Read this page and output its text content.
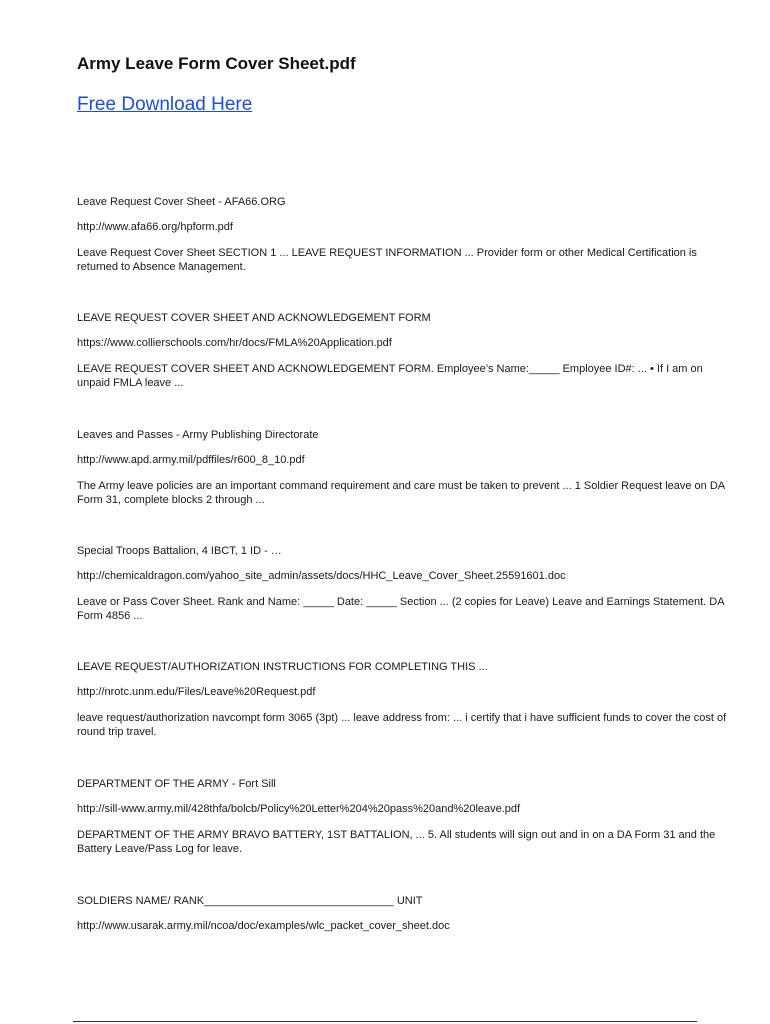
Army Leave Form Cover Sheet.pdf
Free Download Here

Leave Request Cover Sheet - AFA66.ORG

http://www.afa66.org/hpform.pdf

Leave Request Cover Sheet SECTION 1 ... LEAVE REQUEST INFORMATION ... Provider form or other Medical Certification is returned to Absence Management.

LEAVE REQUEST COVER SHEET AND ACKNOWLEDGEMENT FORM

https://www.collierschools.com/hr/docs/FMLA%20Application.pdf

LEAVE REQUEST COVER SHEET AND ACKNOWLEDGEMENT FORM. Employee’s Name:_____ Employee ID#: ... • If I am on unpaid FMLA leave ...

Leaves and Passes - Army Publishing Directorate

http://www.apd.army.mil/pdffiles/r600_8_10.pdf

The Army leave policies are an important command requirement and care must be taken to prevent ... 1 Soldier Request leave on DA Form 31, complete blocks 2 through ...

Special Troops Battalion, 4 IBCT, 1 ID - …

http://chemicaldragon.com/yahoo_site_admin/assets/docs/HHC_Leave_Cover_Sheet.25591601.doc

Leave or Pass Cover Sheet. Rank and Name: _____ Date: _____ Section ... (2 copies for Leave) Leave and Earnings Statement. DA Form 4856 ...

LEAVE REQUEST/AUTHORIZATION INSTRUCTIONS FOR COMPLETING THIS ...

http://nrotc.unm.edu/Files/Leave%20Request.pdf

leave request/authorization navcompt form 3065 (3pt) ... leave address from: ... i certify that i have sufficient funds to cover the cost of round trip travel.

DEPARTMENT OF THE ARMY - Fort Sill

http://sill-www.army.mil/428thfa/bolcb/Policy%20Letter%204%20pass%20and%20leave.pdf

DEPARTMENT OF THE ARMY BRAVO BATTERY, 1ST BATTALION, ... 5. All students will sign out and in on a DA Form 31 and the Battery Leave/Pass Log for leave.

SOLDIERS NAME/ RANK_______________________________ UNIT

http://www.usarak.army.mil/ncoa/doc/examples/wlc_packet_cover_sheet.doc
